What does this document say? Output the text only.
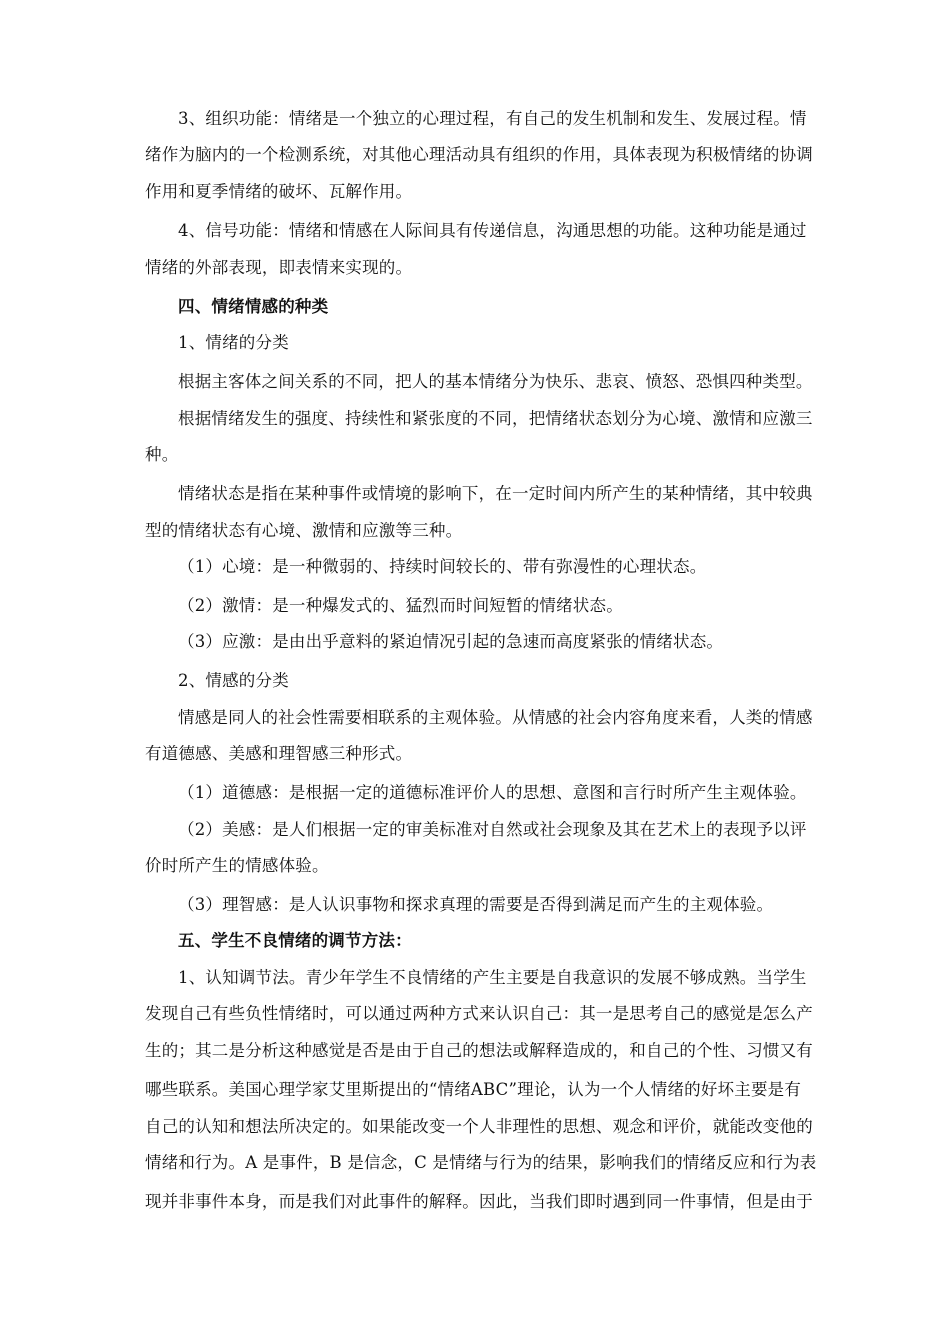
3、组织功能：情绪是一个独立的心理过程，有自己的发生机制和发生、发展过程。情
绪作为脑内的一个检测系统，对其他心理活动具有组织的作用，具体表现为积极情绪的协调
作用和夏季情绪的破坏、瓦解作用。
4、信号功能：情绪和情感在人际间具有传递信息，沟通思想的功能。这种功能是通过
情绪的外部表现，即表情来实现的。
四、情绪情感的种类
1、情绪的分类
根据主客体之间关系的不同，把人的基本情绪分为快乐、悲哀、愤怒、恐惧四种类型。
根据情绪发生的强度、持续性和紧张度的不同，把情绪状态划分为心境、激情和应激三
种。
情绪状态是指在某种事件或情境的影响下，在一定时间内所产生的某种情绪，其中较典
型的情绪状态有心境、激情和应激等三种。
（1）心境：是一种微弱的、持续时间较长的、带有弥漫性的心理状态。
（2）激情：是一种爆发式的、猛烈而时间短暂的情绪状态。
（3）应激：是由出乎意料的紧迫情况引起的急速而高度紧张的情绪状态。
2、情感的分类
情感是同人的社会性需要相联系的主观体验。从情感的社会内容角度来看，人类的情感
有道德感、美感和理智感三种形式。
（1）道德感：是根据一定的道德标准评价人的思想、意图和言行时所产生主观体验。
（2）美感：是人们根据一定的审美标准对自然或社会现象及其在艺术上的表现予以评
价时所产生的情感体验。
（3）理智感：是人认识事物和探求真理的需要是否得到满足而产生的主观体验。
五、学生不良情绪的调节方法：
1、认知调节法。青少年学生不良情绪的产生主要是自我意识的发展不够成熟。当学生
发现自己有些负性情绪时，可以通过两种方式来认识自己：其一是思考自己的感觉是怎么产
生的；其二是分析这种感觉是否是由于自己的想法或解释造成的，和自己的个性、习惯又有
哪些联系。美国心理学家艾里斯提出的“情绪ABC”理论，认为一个人情绪的好坏主要是有
自己的认知和想法所决定的。如果能改变一个人非理性的思想、观念和评价，就能改变他的
情绪和行为。A 是事件，B 是信念，C 是情绪与行为的结果，影响我们的情绪反应和行为表
现并非事件本身，而是我们对此事件的解释。因此，当我们即时遇到同一件事情，但是由于
